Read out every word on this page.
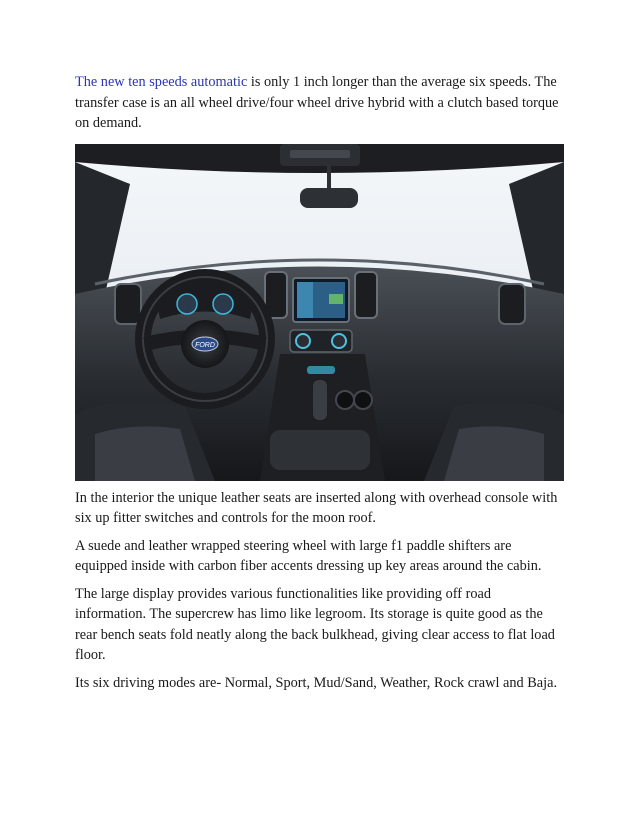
The new ten speeds automatic is only 1 inch longer than the average six speeds. The transfer case is an all wheel drive/four wheel drive hybrid with a clutch based torque on demand.

FORD

In the interior the unique leather seats are inserted along with overhead console with six up fitter switches and controls for the moon roof.

A suede and leather wrapped steering wheel with large f1 paddle shifters are equipped inside with carbon fiber accents dressing up key areas around the cabin.

The large display provides various functionalities like providing off road information. The supercrew has limo like legroom. Its storage is quite good as the rear bench seats fold neatly along the back bulkhead, giving clear access to flat load floor.

Its six driving modes are- Normal, Sport, Mud/Sand, Weather, Rock crawl and Baja.
